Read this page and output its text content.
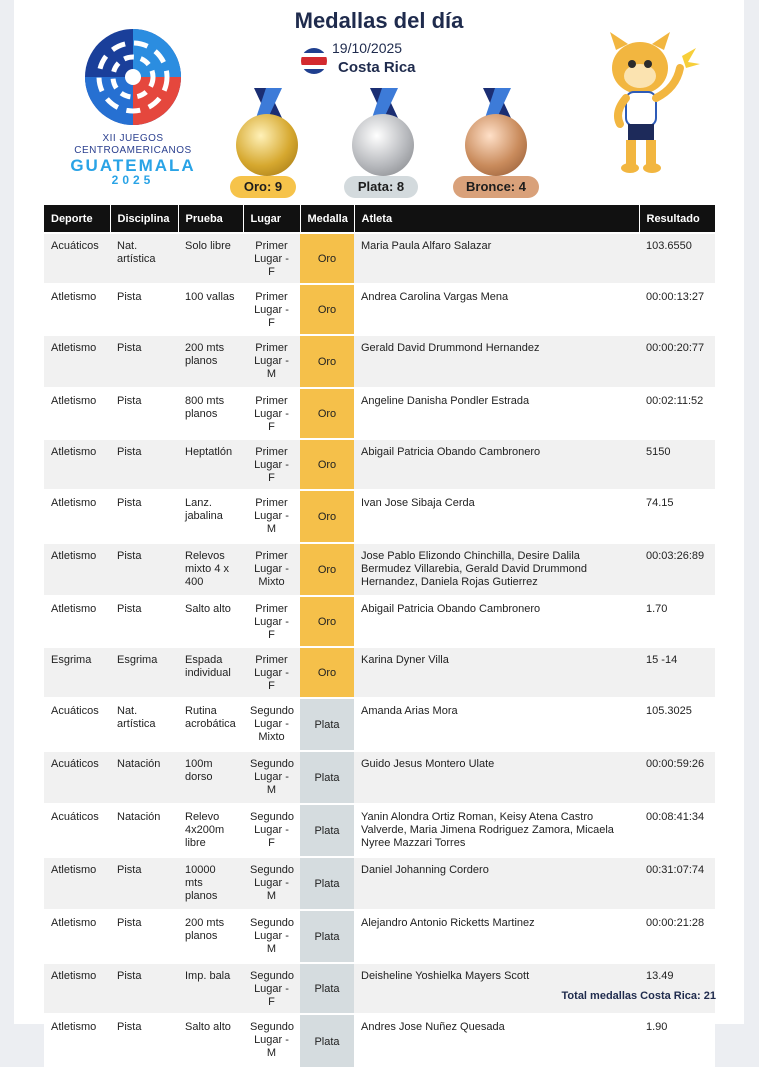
XII JUEGOS
CENTROAMERICANOS
GUATEMALA
2025
Medallas del día
19/10/2025
Costa Rica
Oro: 9	Plata: 8	Bronce: 4
Deporte	Disciplina	Prueba	Lugar	Medalla	Atleta	Resultado
Acuáticos	Nat. artística	Solo libre	Primer Lugar - F	Oro	Maria Paula Alfaro Salazar	103.6550
Atletismo	Pista	100 vallas	Primer Lugar - F	Oro	Andrea Carolina Vargas Mena	00:00:13:27
Atletismo	Pista	200 mts planos	Primer Lugar - M	Oro	Gerald David Drummond Hernandez	00:00:20:77
Atletismo	Pista	800 mts planos	Primer Lugar - F	Oro	Angeline Danisha Pondler Estrada	00:02:11:52
Atletismo	Pista	Heptatlón	Primer Lugar - F	Oro	Abigail Patricia Obando Cambronero	5150
Atletismo	Pista	Lanz. jabalina	Primer Lugar - M	Oro	Ivan Jose Sibaja Cerda	74.15
Atletismo	Pista	Relevos mixto 4 x 400	Primer Lugar - Mixto	Oro	Jose Pablo Elizondo Chinchilla, Desire Dalila Bermudez Villarebia, Gerald David Drummond Hernandez, Daniela Rojas Gutierrez	00:03:26:89
Atletismo	Pista	Salto alto	Primer Lugar - F	Oro	Abigail Patricia Obando Cambronero	1.70
Esgrima	Esgrima	Espada individual	Primer Lugar - F	Oro	Karina Dyner Villa	15 -14
Acuáticos	Nat. artística	Rutina acrobática	Segundo Lugar - Mixto	Plata	Amanda Arias Mora	105.3025
Acuáticos	Natación	100m dorso	Segundo Lugar - M	Plata	Guido Jesus Montero Ulate	00:00:59:26
Acuáticos	Natación	Relevo 4x200m libre	Segundo Lugar - F	Plata	Yanin Alondra Ortiz Roman, Keisy Atena Castro Valverde, Maria Jimena Rodriguez Zamora, Micaela Nyree Mazzari Torres	00:08:41:34
Atletismo	Pista	10000 mts planos	Segundo Lugar - M	Plata	Daniel Johanning Cordero	00:31:07:74
Atletismo	Pista	200 mts planos	Segundo Lugar - M	Plata	Alejandro Antonio Ricketts Martinez	00:00:21:28
Atletismo	Pista	Imp. bala	Segundo Lugar - F	Plata	Deisheline Yoshielka Mayers Scott	13.49
Atletismo	Pista	Salto alto	Segundo Lugar - M	Plata	Andres Jose Nuñez Quesada	1.90
Total medallas Costa Rica: 21
